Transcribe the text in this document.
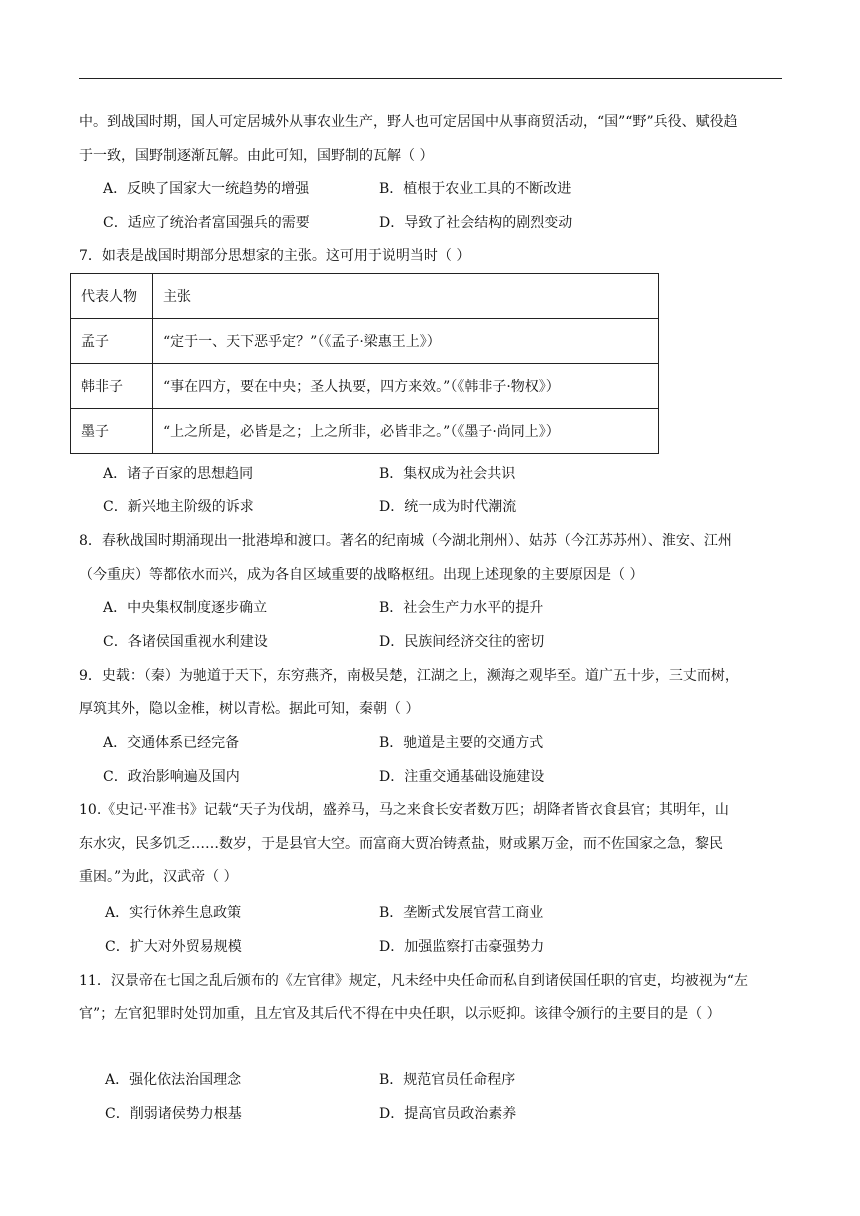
中。到战国时期，国人可定居城外从事农业生产，野人也可定居国中从事商贸活动，“国”“野”兵役、赋役趋
于一致，国野制逐渐瓦解。由此可知，国野制的瓦解（ ）
A．反映了国家大一统趋势的增强	B．植根于农业工具的不断改进
C．适应了统治者富国强兵的需要	D．导致了社会结构的剧烈变动
7．如表是战国时期部分思想家的主张。这可用于说明当时（ ）
代表人物	主张
孟子	“定于一、天下恶乎定？”（《孟子·梁惠王上》）
韩非子	“事在四方，要在中央；圣人执要，四方来效。”（《韩非子·物权》）
墨子	“上之所是，必皆是之；上之所非，必皆非之。”（《墨子·尚同上》）
A．诸子百家的思想趋同	B．集权成为社会共识
C．新兴地主阶级的诉求	D．统一成为时代潮流
8．春秋战国时期涌现出一批港埠和渡口。著名的纪南城（今湖北荆州）、姑苏（今江苏苏州）、淮安、江州
（今重庆）等都依水而兴，成为各自区域重要的战略枢纽。出现上述现象的主要原因是（ ）
A．中央集权制度逐步确立	B．社会生产力水平的提升
C．各诸侯国重视水利建设	D．民族间经济交往的密切
9．史载：（秦）为驰道于天下，东穷燕齐，南极吴楚，江湖之上，濒海之观毕至。道广五十步，三丈而树，
厚筑其外，隐以金椎，树以青松。据此可知，秦朝（ ）
A．交通体系已经完备	B．驰道是主要的交通方式
C．政治影响遍及国内	D．注重交通基础设施建设
10.《史记·平准书》记载“天子为伐胡，盛养马，马之来食长安者数万匹；胡降者皆衣食县官；其明年，山
东水灾，民多饥乏……数岁，于是县官大空。而富商大贾冶铸煮盐，财或累万金，而不佐国家之急，黎民
重困。”为此，汉武帝（ ）
A．实行休养生息政策	B．垄断式发展官营工商业
C．扩大对外贸易规模	D．加强监察打击豪强势力
11．汉景帝在七国之乱后颁布的《左官律》规定，凡未经中央任命而私自到诸侯国任职的官吏，均被视为“左
官”；左官犯罪时处罚加重，且左官及其后代不得在中央任职，以示贬抑。该律令颁行的主要目的是（ ）
A．强化依法治国理念	B．规范官员任命程序
C．削弱诸侯势力根基	D．提高官员政治素养
